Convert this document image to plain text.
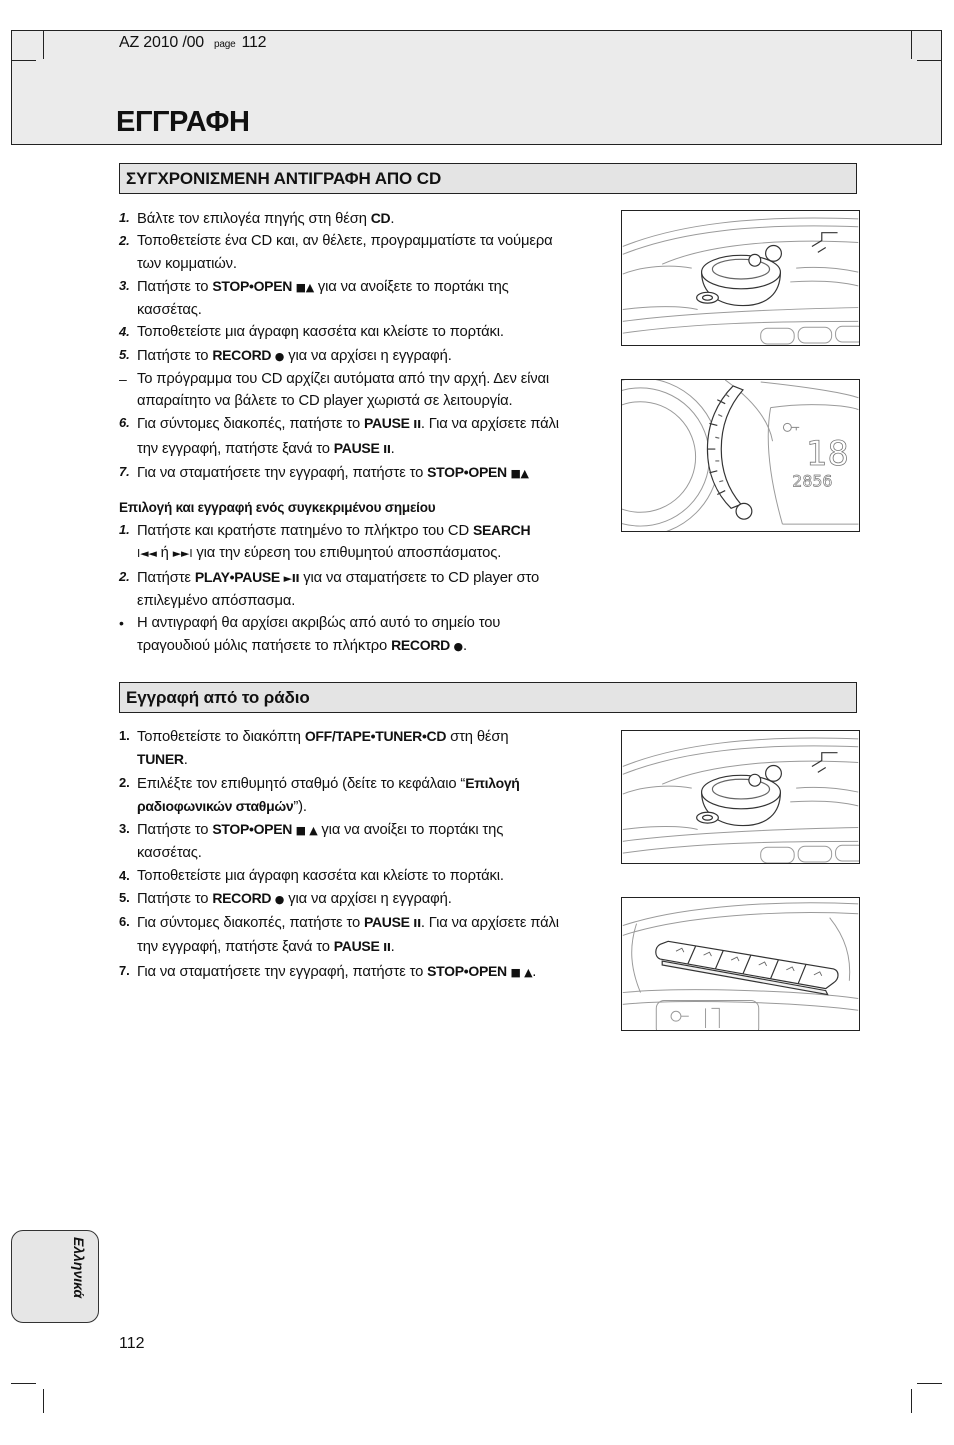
AZ 2010 /00 page 112
ΕΓΓΡΑΦΗ
ΣΥΓΧΡΟΝΙΣΜΕΝΗ ΑΝΤΙΓΡΑΦΗ ΑΠΟ CD
1. Βάλτε τον επιλογέα πηγής στη θέση CD.
2. Τοποθετείστε ένα CD και, αν θέλετε, προγραμματίστε τα νούμερα
των κομματιών.
3. Πατήστε το STOP•OPEN ■▲ για να ανοίξετε το πορτάκι της
κασσέτας.
4. Τοποθετείστε μια άγραφη κασσέτα και κλείστε το πορτάκι.
5. Πατήστε το RECORD ● για να αρχίσει η εγγραφή.
– Το πρόγραμμα του CD αρχίζει αυτόματα από την αρχή. Δεν είναι
απαραίτητο να βάλετε το CD player χωριστά σε λειτουργία.
6. Για σύντομες διακοπές, πατήστε το PAUSE II. Για να αρχίσετε πάλι
την εγγραφή, πατήστε ξανά το PAUSE II.
7. Για να σταματήσετε την εγγραφή, πατήστε το STOP•OPEN ■▲
Επιλογή και εγγραφή ενός συγκεκριμένου σημείου
1. Πατήστε και κρατήστε πατημένο το πλήκτρο του CD SEARCH
I◄◄ ή ►►I για την εύρεση του επιθυμητού αποσπάσματος.
2. Πατήστε PLAY•PAUSE ►II για να σταματήσετε το CD player στο
επιλεγμένο απόσπασμα.
• Η αντιγραφή θα αρχίσει ακριβώς από αυτό το σημείο του
τραγουδιού μόλις πατήσετε το πλήκτρο RECORD ●.
Εγγραφή από το ράδιο
1. Τοποθετείστε το διακόπτη OFF/TAPE•TUNER•CD στη θέση
TUNER.
2. Επιλέξτε τον επιθυμητό σταθμό (δείτε το κεφάλαιο “Επιλογή
ραδιοφωνικών σταθμών”).
3. Πατήστε το STOP•OPEN ■ ▲ για να ανοίξει το πορτάκι της
κασσέτας.
4. Τοποθετείστε μια άγραφη κασσέτα και κλείστε το πορτάκι.
5. Πατήστε το RECORD ● για να αρχίσει η εγγραφή.
6. Για σύντομες διακοπές, πατήστε το PAUSE II. Για να αρχίσετε πάλι
την εγγραφή, πατήστε ξανά το PAUSE II.
7. Για να σταματήσετε την εγγραφή, πατήστε το STOP•OPEN ■ ▲.
18
2856
Ελληνικά
112
